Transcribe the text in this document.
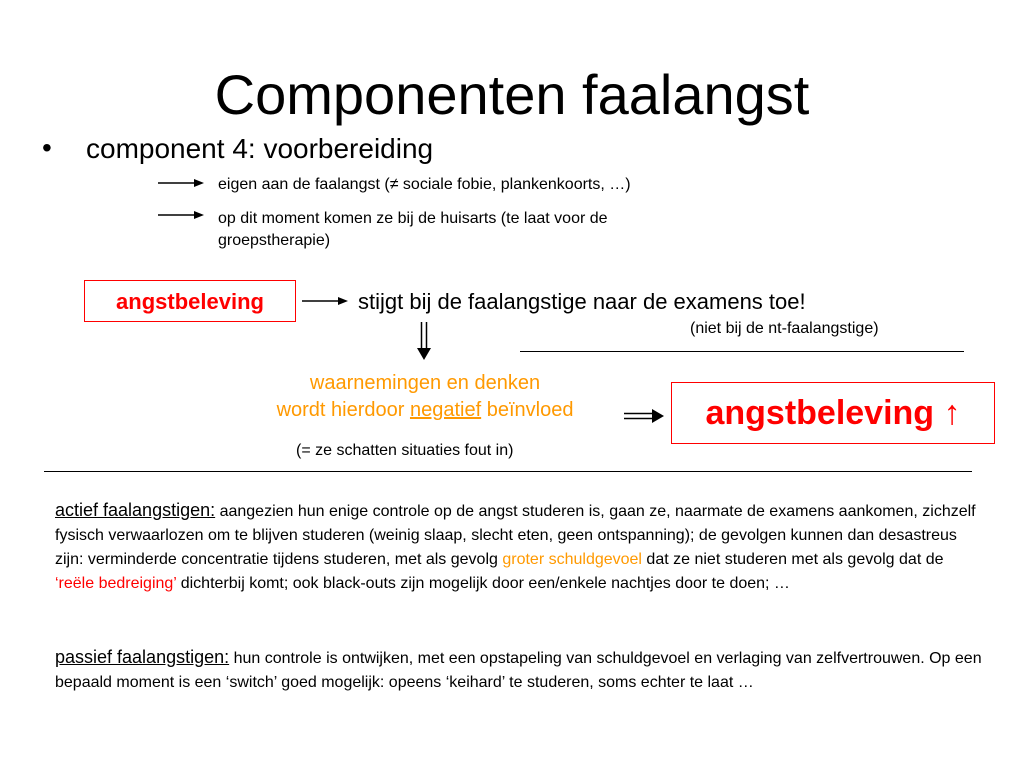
Componenten faalangst
• component 4: voorbereiding
eigen aan de faalangst (≠ sociale fobie, plankenkoorts, …)
op dit moment komen ze bij de huisarts (te laat voor de
groepstherapie)
angstbeleving	stijgt bij de faalangstige naar de examens toe!
(niet bij de nt-faalangstige)
waarnemingen en denken
wordt hierdoor negatief beïnvloed	angstbeleving ↑
(= ze schatten situaties fout in)
actief faalangstigen: aangezien hun enige controle op de angst studeren is, gaan ze, naarmate de examens aankomen, zichzelf fysisch verwaarlozen om te blijven studeren (weinig slaap, slecht eten, geen ontspanning); de gevolgen kunnen dan desastreus zijn: verminderde concentratie tijdens studeren, met als gevolg groter schuldgevoel dat ze niet studeren met als gevolg dat de ‘reële bedreiging’ dichterbij komt; ook black-outs zijn mogelijk door een/enkele nachtjes door te doen; …
passief faalangstigen: hun controle is ontwijken, met een opstapeling van schuldgevoel en verlaging van zelfvertrouwen. Op een bepaald moment is een ‘switch’ goed mogelijk: opeens ‘keihard’ te studeren, soms echter te laat …
